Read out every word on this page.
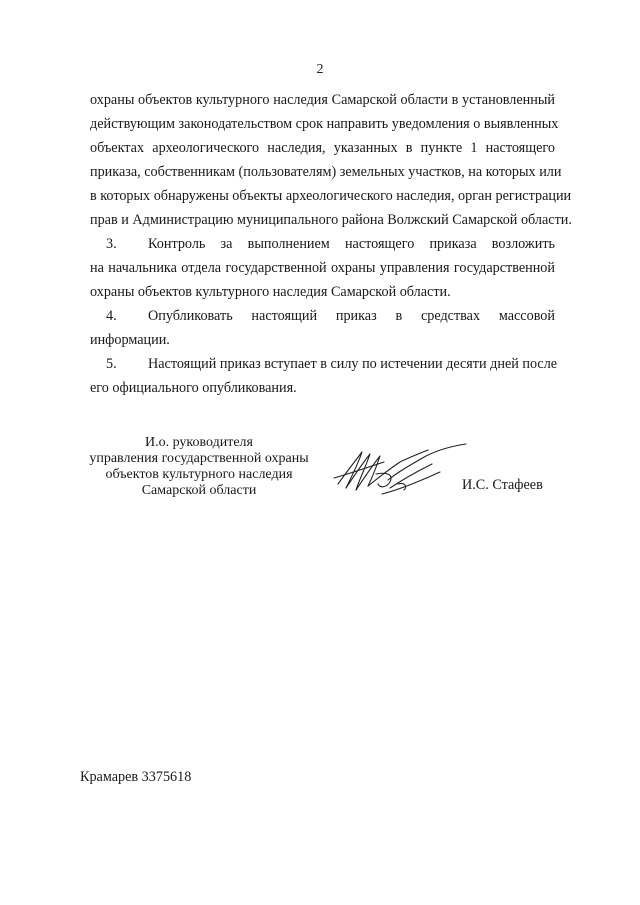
2
охраны объектов культурного наследия Самарской области в установленный
действующим законодательством срок направить уведомления о выявленных
объектах археологического наследия, указанных в пункте 1 настоящего
приказа, собственникам (пользователям) земельных участков, на которых или
в которых обнаружены объекты археологического наследия, орган регистрации
прав и Администрацию муниципального района Волжский Самарской области.
3. Контроль за выполнением настоящего приказа возложить
на начальника отдела государственной охраны управления государственной
охраны объектов культурного наследия Самарской области.
4. Опубликовать настоящий приказ в средствах массовой
информации.
5. Настоящий приказ вступает в силу по истечении десяти дней после
его официального опубликования.
И.о. руководителя
управления государственной охраны
объектов культурного наследия
Самарской области	И.С. Стафеев
Крамарев 3375618
